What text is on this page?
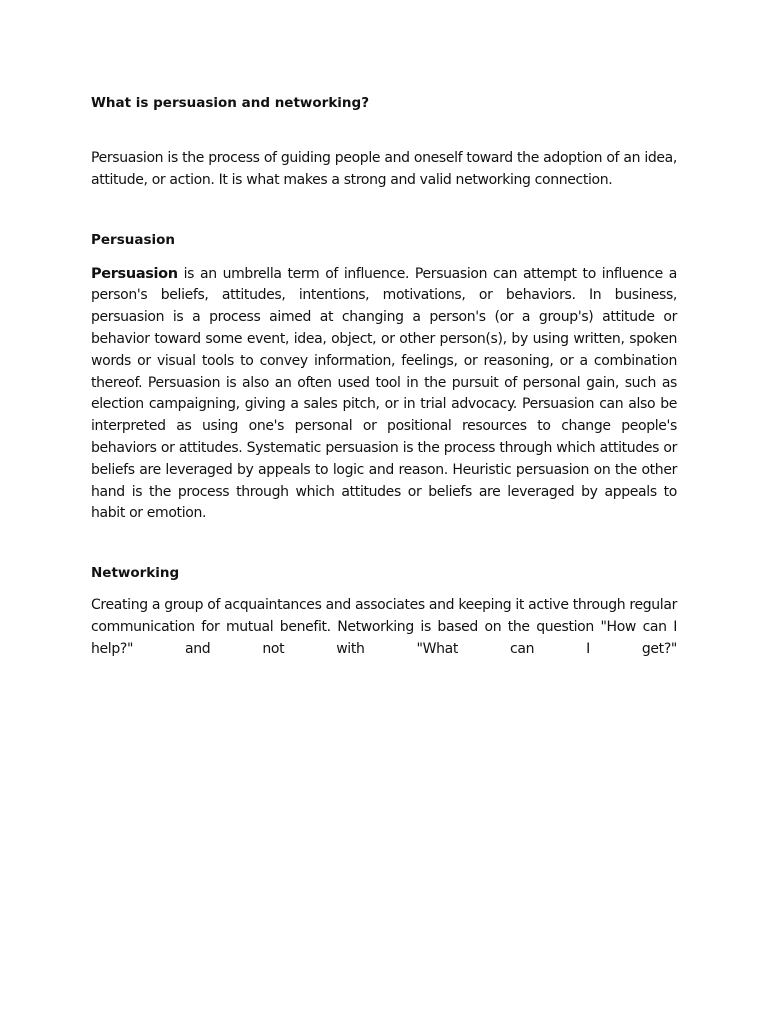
What is persuasion and networking?

Persuasion is the process of guiding people and oneself toward the adoption of an idea, attitude, or action. It is what makes a strong and valid networking connection.

Persuasion

Persuasion is an umbrella term of influence. Persuasion can attempt to influence a person's beliefs, attitudes, intentions, motivations, or behaviors. In business, persuasion is a process aimed at changing a person's (or a group's) attitude or behavior toward some event, idea, object, or other person(s), by using written, spoken words or visual tools to convey information, feelings, or reasoning, or a combination thereof. Persuasion is also an often used tool in the pursuit of personal gain, such as election campaigning, giving a sales pitch, or in trial advocacy. Persuasion can also be interpreted as using one's personal or positional resources to change people's behaviors or attitudes. Systematic persuasion is the process through which attitudes or beliefs are leveraged by appeals to logic and reason. Heuristic persuasion on the other hand is the process through which attitudes or beliefs are leveraged by appeals to habit or emotion.

Networking

Creating a group of acquaintances and associates and keeping it active through regular communication for mutual benefit. Networking is based on the question "How can I help?" and not with "What can I get?"
